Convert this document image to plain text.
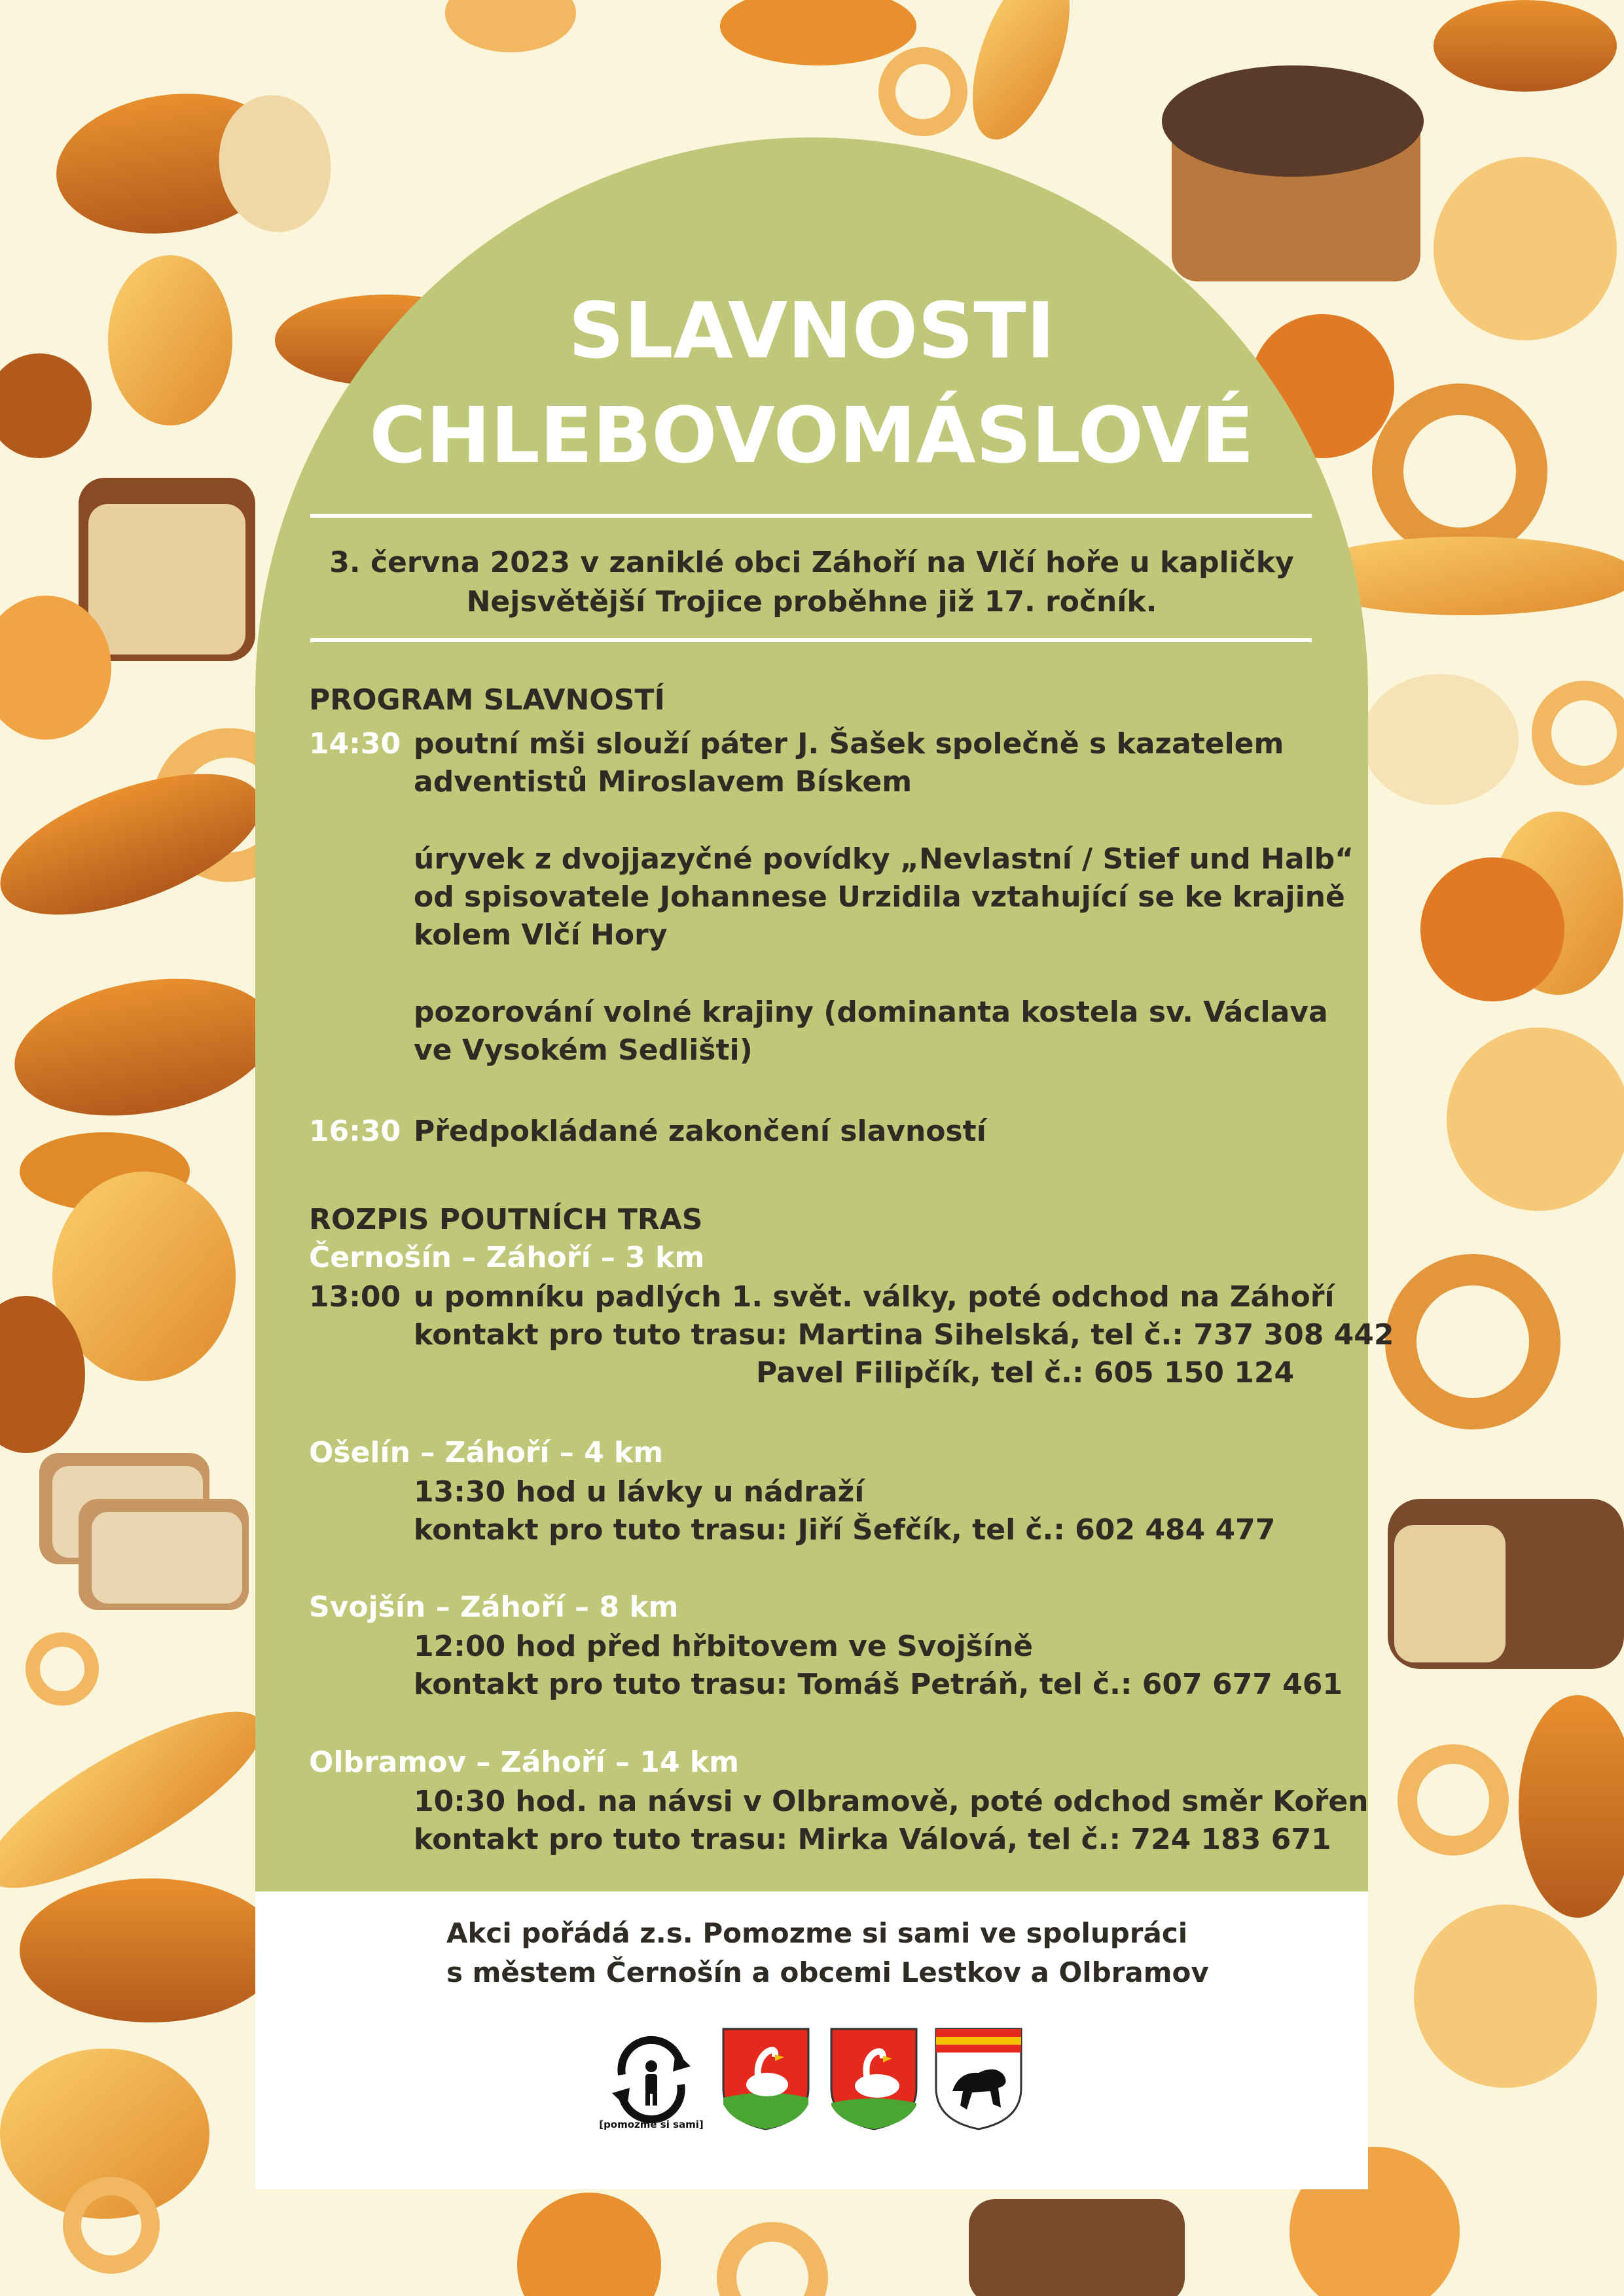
SLAVNOSTI
CHLEBOVOMÁSLOVÉ
3. června 2023 v zaniklé obci Záhoří na Vlčí hoře u kapličky
Nejsvětější Trojice proběhne již 17. ročník.
PROGRAM SLAVNOSTÍ
14:30 poutní mši slouží páter J. Šašek společně s kazatelem
adventistů Miroslavem Bískem
úryvek z dvojjazyčné povídky „Nevlastní / Stief und Halb“
od spisovatele Johannese Urzidila vztahující se ke krajině
kolem Vlčí Hory
pozorování volné krajiny (dominanta kostela sv. Václava
ve Vysokém Sedlišti)
16:30 Předpokládané zakončení slavností
ROZPIS POUTNÍCH TRAS
Černošín – Záhoří – 3 km
13:00 u pomníku padlých 1. svět. války, poté odchod na Záhoří
kontakt pro tuto trasu: Martina Sihelská, tel č.: 737 308 442
Pavel Filipčík, tel č.: 605 150 124
Ošelín – Záhoří – 4 km
13:30 hod u lávky u nádraží
kontakt pro tuto trasu: Jiří Šefčík, tel č.: 602 484 477
Svojšín – Záhoří – 8 km
12:00 hod před hřbitovem ve Svojšíně
kontakt pro tuto trasu: Tomáš Petráň, tel č.: 607 677 461
Olbramov – Záhoří – 14 km
10:30 hod. na návsi v Olbramově, poté odchod směr Kořen
kontakt pro tuto trasu: Mirka Válová, tel č.: 724 183 671
Akci pořádá z.s. Pomozme si sami ve spolupráci
s městem Černošín a obcemi Lestkov a Olbramov
[pomozme si sami]
